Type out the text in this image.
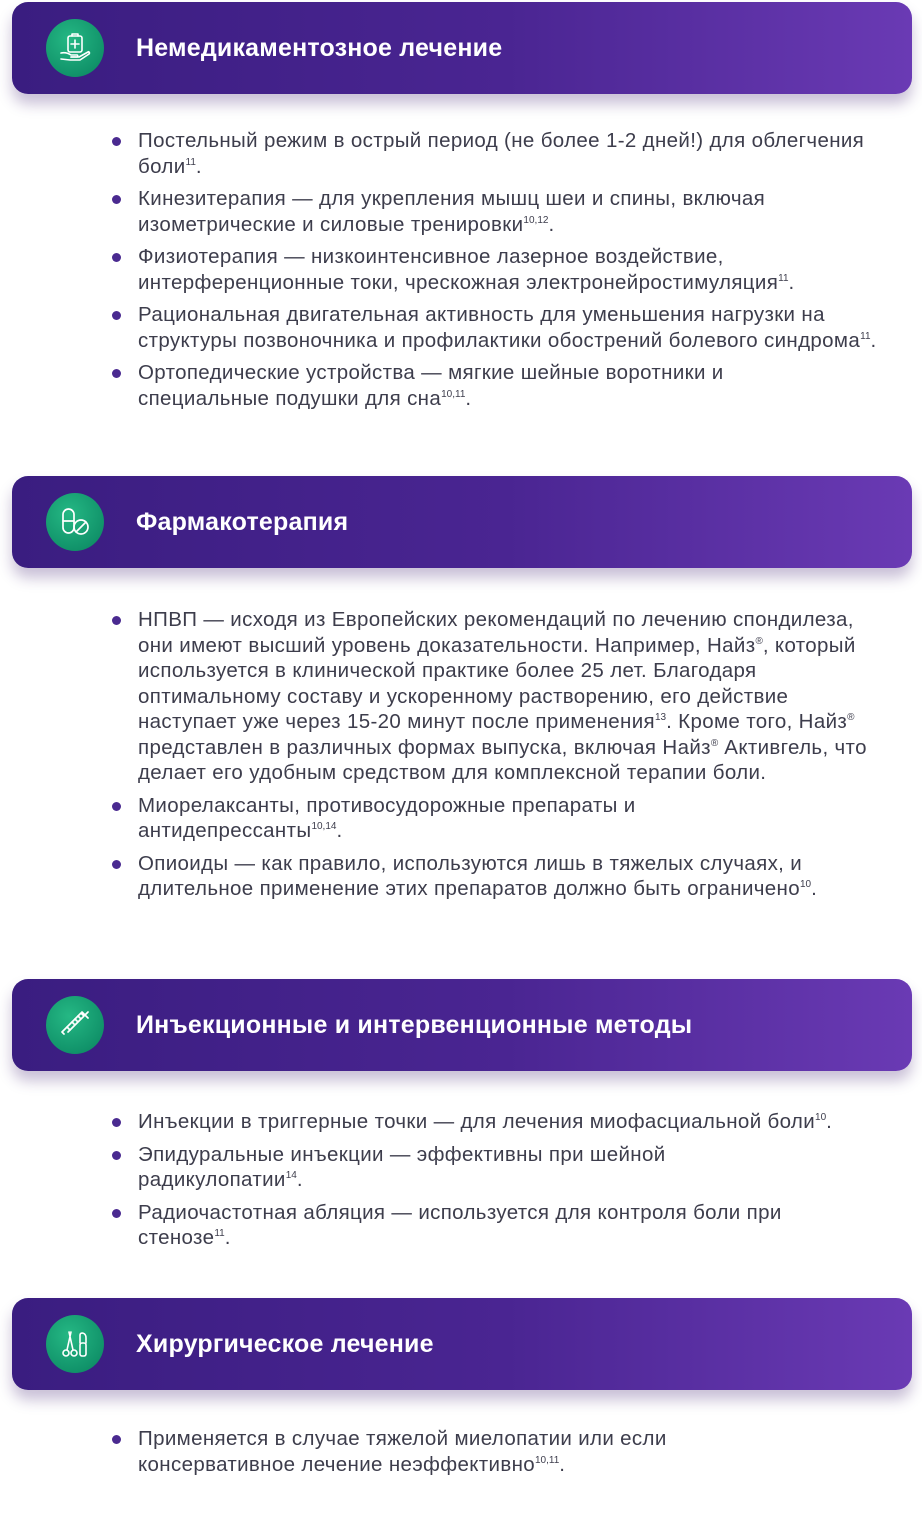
Немедикаментозное лечение
Постельный режим в острый период (не более 1-2 дней!) для облегчения боли$^{11}$.
Кинезитерапия — для укрепления мышц шеи и спины, включая изометрические и силовые тренировки$^{10,12}$.
Физиотерапия — низкоинтенсивное лазерное воздействие, интерференционные токи, чрескожная электронейростимуляция$^{11}$.
Рациональная двигательная активность для уменьшения нагрузки на структуры позвоночника и профилактики обострений болевого синдрома$^{11}$.
Ортопедические устройства — мягкие шейные воротники и специальные подушки для сна$^{10,11}$.
Фармакотерапия
НПВП — исходя из Европейских рекомендаций по лечению спондилеза, они имеют высший уровень доказательности. Например, Найз®, который используется в клинической практике более 25 лет. Благодаря оптимальному составу и ускоренному растворению, его действие наступает уже через 15-20 минут после применения$^{13}$. Кроме того, Найз® представлен в различных формах выпуска, включая Найз® Активгель, что делает его удобным средством для комплексной терапии боли.
Миорелаксанты, противосудорожные препараты и антидепрессанты$^{10,14}$.
Опиоиды — как правило, используются лишь в тяжелых случаях, и длительное применение этих препаратов должно быть ограничено$^{10}$.
Инъекционные и интервенционные методы
Инъекции в триггерные точки — для лечения миофасциальной боли$^{10}$.
Эпидуральные инъекции — эффективны при шейной радикулопатии$^{14}$.
Радиочастотная абляция — используется для контроля боли при стенозе$^{11}$.
Хирургическое лечение
Применяется в случае тяжелой миелопатии или если консервативное лечение неэффективно$^{10,11}$.
